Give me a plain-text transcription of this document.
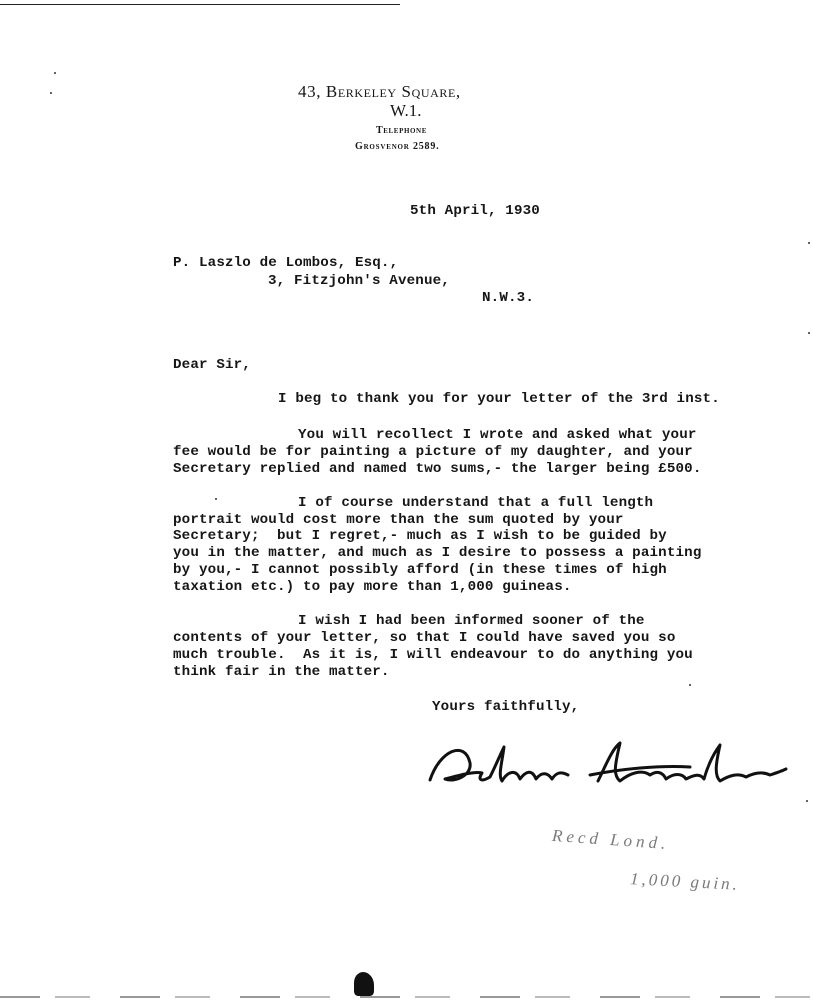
43, Berkeley Square,
W.1.
Telephone
Grosvenor 2589.
5th April, 1930
P. Laszlo de Lombos, Esq.,
3, Fitzjohn's Avenue,
N.W.3.
Dear Sir,
I beg to thank you for your letter of the 3rd inst.
You will recollect I wrote and asked what your
fee would be for painting a picture of my daughter, and your
Secretary replied and named two sums,- the larger being £500.
I of course understand that a full length
portrait would cost more than the sum quoted by your
Secretary;  but I regret,- much as I wish to be guided by
you in the matter, and much as I desire to possess a painting
by you,- I cannot possibly afford (in these times of high
taxation etc.) to pay more than 1,000 guineas.
I wish I had been informed sooner of the
contents of your letter, so that I could have saved you so
much trouble.  As it is, I will endeavour to do anything you
think fair in the matter.
Yours faithfully,
Recd Lond.
1,000 guin.
